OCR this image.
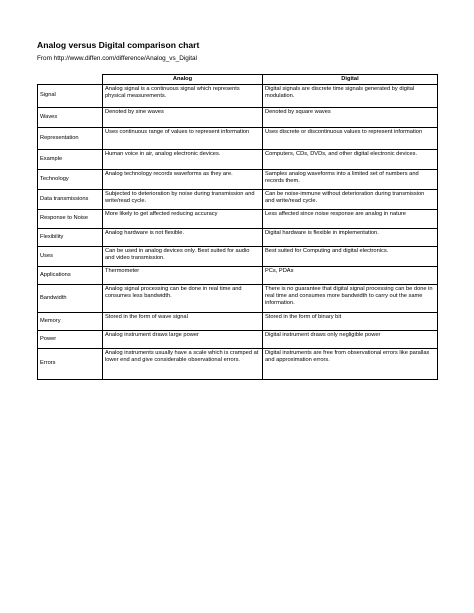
Analog versus Digital comparison chart
From http://www.diffen.com/difference/Analog_vs_Digital
	Analog	Digital
Signal	Analog signal is a continuous signal which represents physical measurements.	Digital signals are discrete time signals generated by digital modulation.
Waves	Denoted by sine waves	Denoted by square waves
Representation	Uses continuous range of values to represent information	Uses discrete or discontinuous values to represent information
Example	Human voice in air, analog electronic devices.	Computers, CDs, DVDs, and other digital electronic devices.
Technology	Analog technology records waveforms as they are.	Samples analog waveforms into a limited set of numbers and records them.
Data transmissions	Subjected to deterioration by noise during transmission and write/read cycle.	Can be noise-immune without deterioration during transmission and write/read cycle.
Response to Noise	More likely to get affected reducing accuracy	Less affected since noise response are analog in nature
Flexibility	Analog hardware is not flexible.	Digital hardware is flexible in implementation.
Uses	Can be used in analog devices only. Best suited for audio and video transmission.	Best suited for Computing and digital electronics.
Applications	Thermometer	PCs, PDAs
Bandwidth	Analog signal processing can be done in real time and consumes less bandwidth.	There is no guarantee that digital signal processing can be done in real time and consumes more bandwidth to carry out the same information.
Memory	Stored in the form of wave signal	Stored in the form of binary bit
Power	Analog instrument draws large power	Digital instrument draws only negligible power
Errors	Analog instruments usually have a scale which is cramped at lower end and give considerable observational errors.	Digital instruments are free from observational errors like parallax and approximation errors.
